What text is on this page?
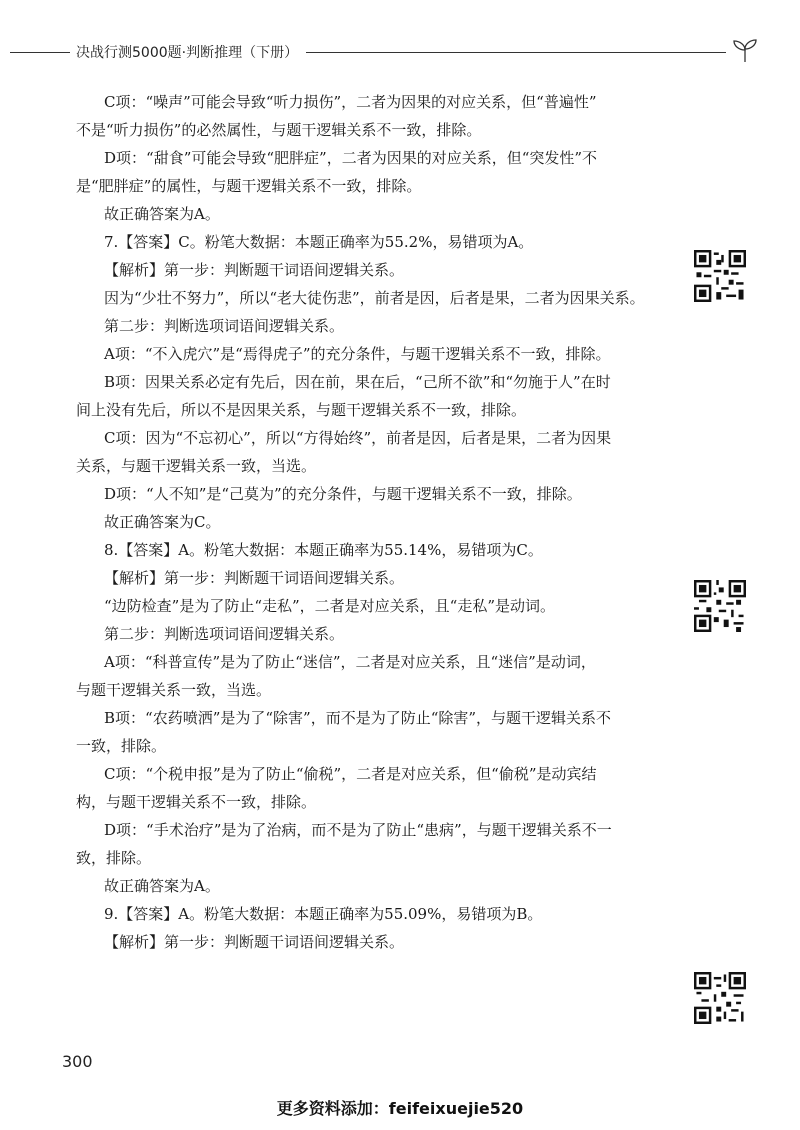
决战行测5000题·判断推理（下册）

C项：“噪声”可能会导致“听力损伤”，二者为因果的对应关系，但“普遍性”

不是“听力损伤”的必然属性，与题干逻辑关系不一致，排除。

D项：“甜食”可能会导致“肥胖症”，二者为因果的对应关系，但“突发性”不

是“肥胖症”的属性，与题干逻辑关系不一致，排除。

故正确答案为A。

7.【答案】C。粉笔大数据：本题正确率为55.2%，易错项为A。

【解析】第一步：判断题干词语间逻辑关系。

因为“少壮不努力”，所以“老大徒伤悲”，前者是因，后者是果，二者为因果关系。

第二步：判断选项词语间逻辑关系。

A项：“不入虎穴”是“焉得虎子”的充分条件，与题干逻辑关系不一致，排除。

B项：因果关系必定有先后，因在前，果在后，“己所不欲”和“勿施于人”在时

间上没有先后，所以不是因果关系，与题干逻辑关系不一致，排除。

C项：因为“不忘初心”，所以“方得始终”，前者是因，后者是果，二者为因果

关系，与题干逻辑关系一致，当选。

D项：“人不知”是“己莫为”的充分条件，与题干逻辑关系不一致，排除。

故正确答案为C。

8.【答案】A。粉笔大数据：本题正确率为55.14%，易错项为C。

【解析】第一步：判断题干词语间逻辑关系。

“边防检查”是为了防止“走私”，二者是对应关系，且“走私”是动词。

第二步：判断选项词语间逻辑关系。

A项：“科普宣传”是为了防止“迷信”，二者是对应关系，且“迷信”是动词，

与题干逻辑关系一致，当选。

B项：“农药喷洒”是为了“除害”，而不是为了防止“除害”，与题干逻辑关系不

一致，排除。

C项：“个税申报”是为了防止“偷税”，二者是对应关系，但“偷税”是动宾结

构，与题干逻辑关系不一致，排除。

D项：“手术治疗”是为了治病，而不是为了防止“患病”，与题干逻辑关系不一

致，排除。

故正确答案为A。

9.【答案】A。粉笔大数据：本题正确率为55.09%，易错项为B。

【解析】第一步：判断题干词语间逻辑关系。

300
更多资料添加：feifeixuejie520
